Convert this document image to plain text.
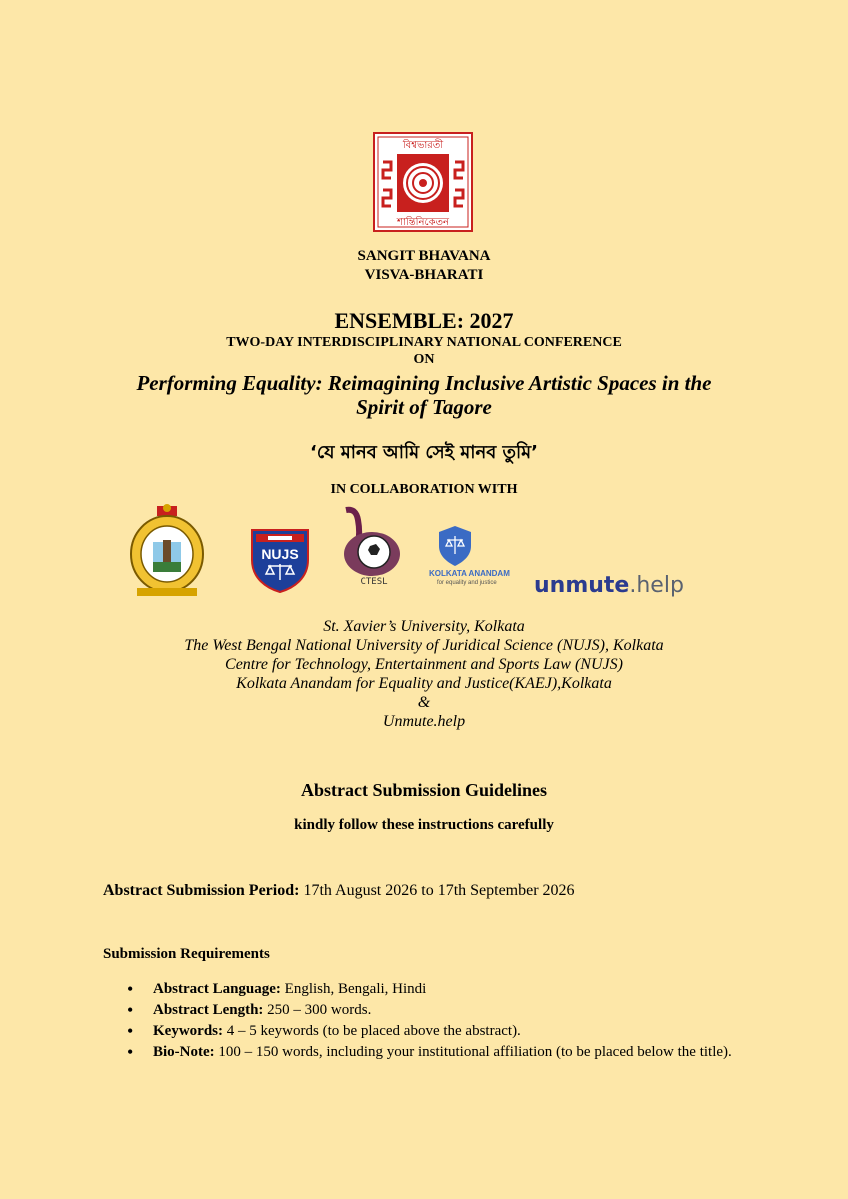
বিশ্বভারতী
শান্তিনিকেতন
SANGIT BHAVANA
VISVA-BHARATI
ENSEMBLE: 2027
TWO-DAY INTERDISCIPLINARY NATIONAL CONFERENCE
ON
Performing Equality: Reimagining Inclusive Artistic Spaces in the Spirit of Tagore
‘যে মানব আমি সেই মানব তুমি’
IN COLLABORATION WITH
NUJS
CTESL
KOLKATA ANANDAM
for equality and justice unmute.help
St. Xavier’s University, Kolkata
The West Bengal National University of Juridical Science (NUJS), Kolkata
Centre for Technology, Entertainment and Sports Law (NUJS)
Kolkata Anandam for Equality and Justice(KAEJ),Kolkata
&
Unmute.help
Abstract Submission Guidelines
kindly follow these instructions carefully
Abstract Submission Period: 17th August 2026 to 17th September 2026
Submission Requirements
• Abstract Language: English, Bengali, Hindi
• Abstract Length: 250 – 300 words.
• Keywords: 4 – 5 keywords (to be placed above the abstract).
• Bio-Note: 100 – 150 words, including your institutional affiliation (to be placed below the title).
